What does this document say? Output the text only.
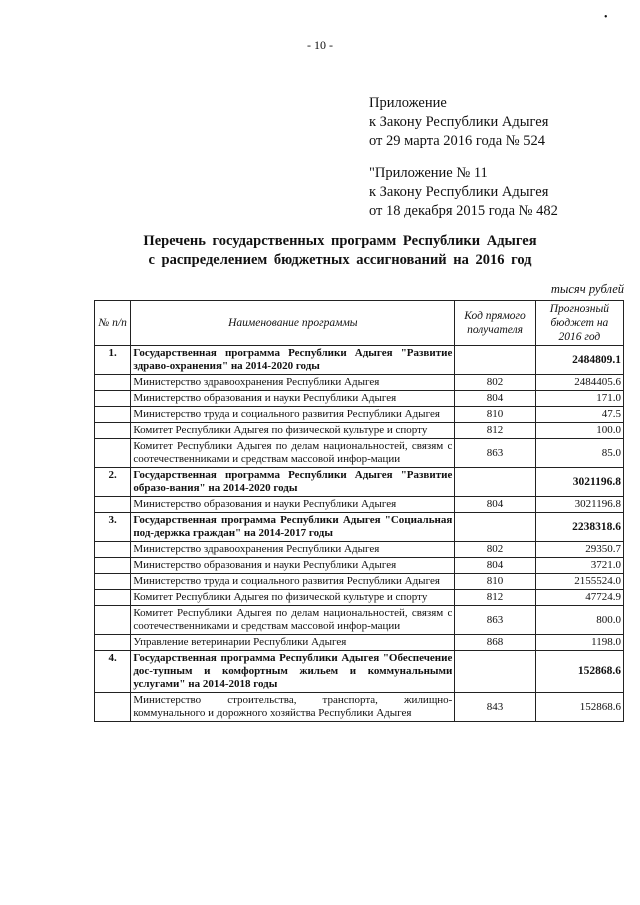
•
- 10 -
Приложение
к Закону Республики Адыгея
от 29 марта 2016 года № 524
"Приложение № 11
к Закону Республики Адыгея
от 18 декабря 2015 года № 482
Перечень государственных программ Республики Адыгея
с распределением бюджетных ассигнований на 2016 год
тысяч рублей
№ п/п	Наименование программы	Код прямого получателя	Прогнозный бюджет на 2016 год
1.	Государственная программа Республики Адыгея "Развитие здраво-охранения" на 2014-2020 годы		2484809.1
	Министерство здравоохранения Республики Адыгея	802	2484405.6
	Министерство образования и науки Республики Адыгея	804	171.0
	Министерство труда и социального развития Республики Адыгея	810	47.5
	Комитет Республики Адыгея по физической культуре и спорту	812	100.0
	Комитет Республики Адыгея по делам национальностей, связям с соотечественниками и средствам массовой инфор-мации	863	85.0
2.	Государственная программа Республики Адыгея "Развитие образо-вания" на 2014-2020 годы		3021196.8
	Министерство образования и науки Республики Адыгея	804	3021196.8
3.	Государственная программа Республики Адыгея "Социальная под-держка граждан" на 2014-2017 годы		2238318.6
	Министерство здравоохранения Республики Адыгея	802	29350.7
	Министерство образования и науки Республики Адыгея	804	3721.0
	Министерство труда и социального развития Республики Адыгея	810	2155524.0
	Комитет Республики Адыгея по физической культуре и спорту	812	47724.9
	Комитет Республики Адыгея по делам национальностей, связям с соотечественниками и средствам массовой инфор-мации	863	800.0
	Управление ветеринарии Республики Адыгея	868	1198.0
4.	Государственная программа Республики Адыгея "Обеспечение дос-тупным и комфортным жильем и коммунальными услугами" на 2014-2018 годы		152868.6
	Министерство строительства, транспорта, жилищно-коммунального и дорожного хозяйства Республики Адыгея	843	152868.6
